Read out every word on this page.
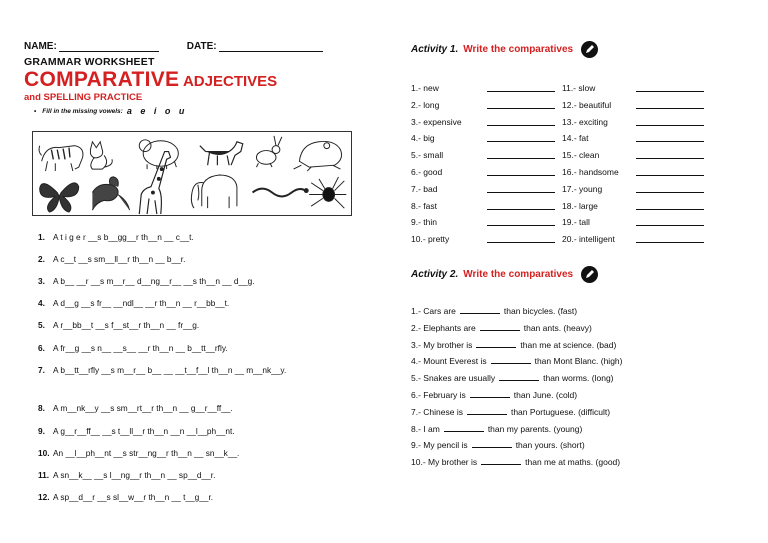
NAME:	DATE:
GRAMMAR WORKSHEET
COMPARATIVE ADJECTIVES
and SPELLING PRACTICE
• Fill in the missing vowels: a e i o u
1. A t i g e r __s b__gg__r th__n __ c__t.
2. A c__t __s sm__ll__r th__n __ b__r.
3. A b__ __r __s m__r__ d__ng__r__ __s th__n __ d__g.
4. A d__g __s fr__ __ndl__ __r th__n __ r__bb__t.
5. A r__bb__t __s f__st__r th__n __ fr__g.
6. A fr__g __s n__ __s__ __r th__n __ b__tt__rfly.
7. A b__tt__rfly __s m__r__ b__ __ __t__f__l th__n __ m__nk__y.
8. A m__nk__y __s sm__rt__r th__n __ g__r__ff__.
9. A g__r__ff__ __s t__ll__r th__n __n __l__ph__nt.
10. An __l__ph__nt __s str__ng__r th__n __ sn__k__.
11. A sn__k__ __s l__ng__r th__n __ sp__d__r.
12. A sp__d__r __s sl__w__r th__n __ t__g__r.
Activity 1. Write the comparatives
1.- new
2.- long
3.- expensive
4.- big
5.- small
6.- good
7.- bad
8.- fast
9.- thin
10.- pretty
11.- slow
12.- beautiful
13.- exciting
14.- fat
15.- clean
16.- handsome
17.- young
18.- large
19.- tall
20.- intelligent
Activity 2. Write the comparatives
1.- Cars are	than bicycles. (fast)
2.- Elephants are	than ants. (heavy)
3.- My brother is	than me at science. (bad)
4.- Mount Everest is	than Mont Blanc. (high)
5.- Snakes are usually	than worms. (long)
6.- February is	than June. (cold)
7.- Chinese is	than Portuguese. (difficult)
8.- I am	than my parents. (young)
9.- My pencil is	than yours. (short)
10.- My brother is	than me at maths. (good)
